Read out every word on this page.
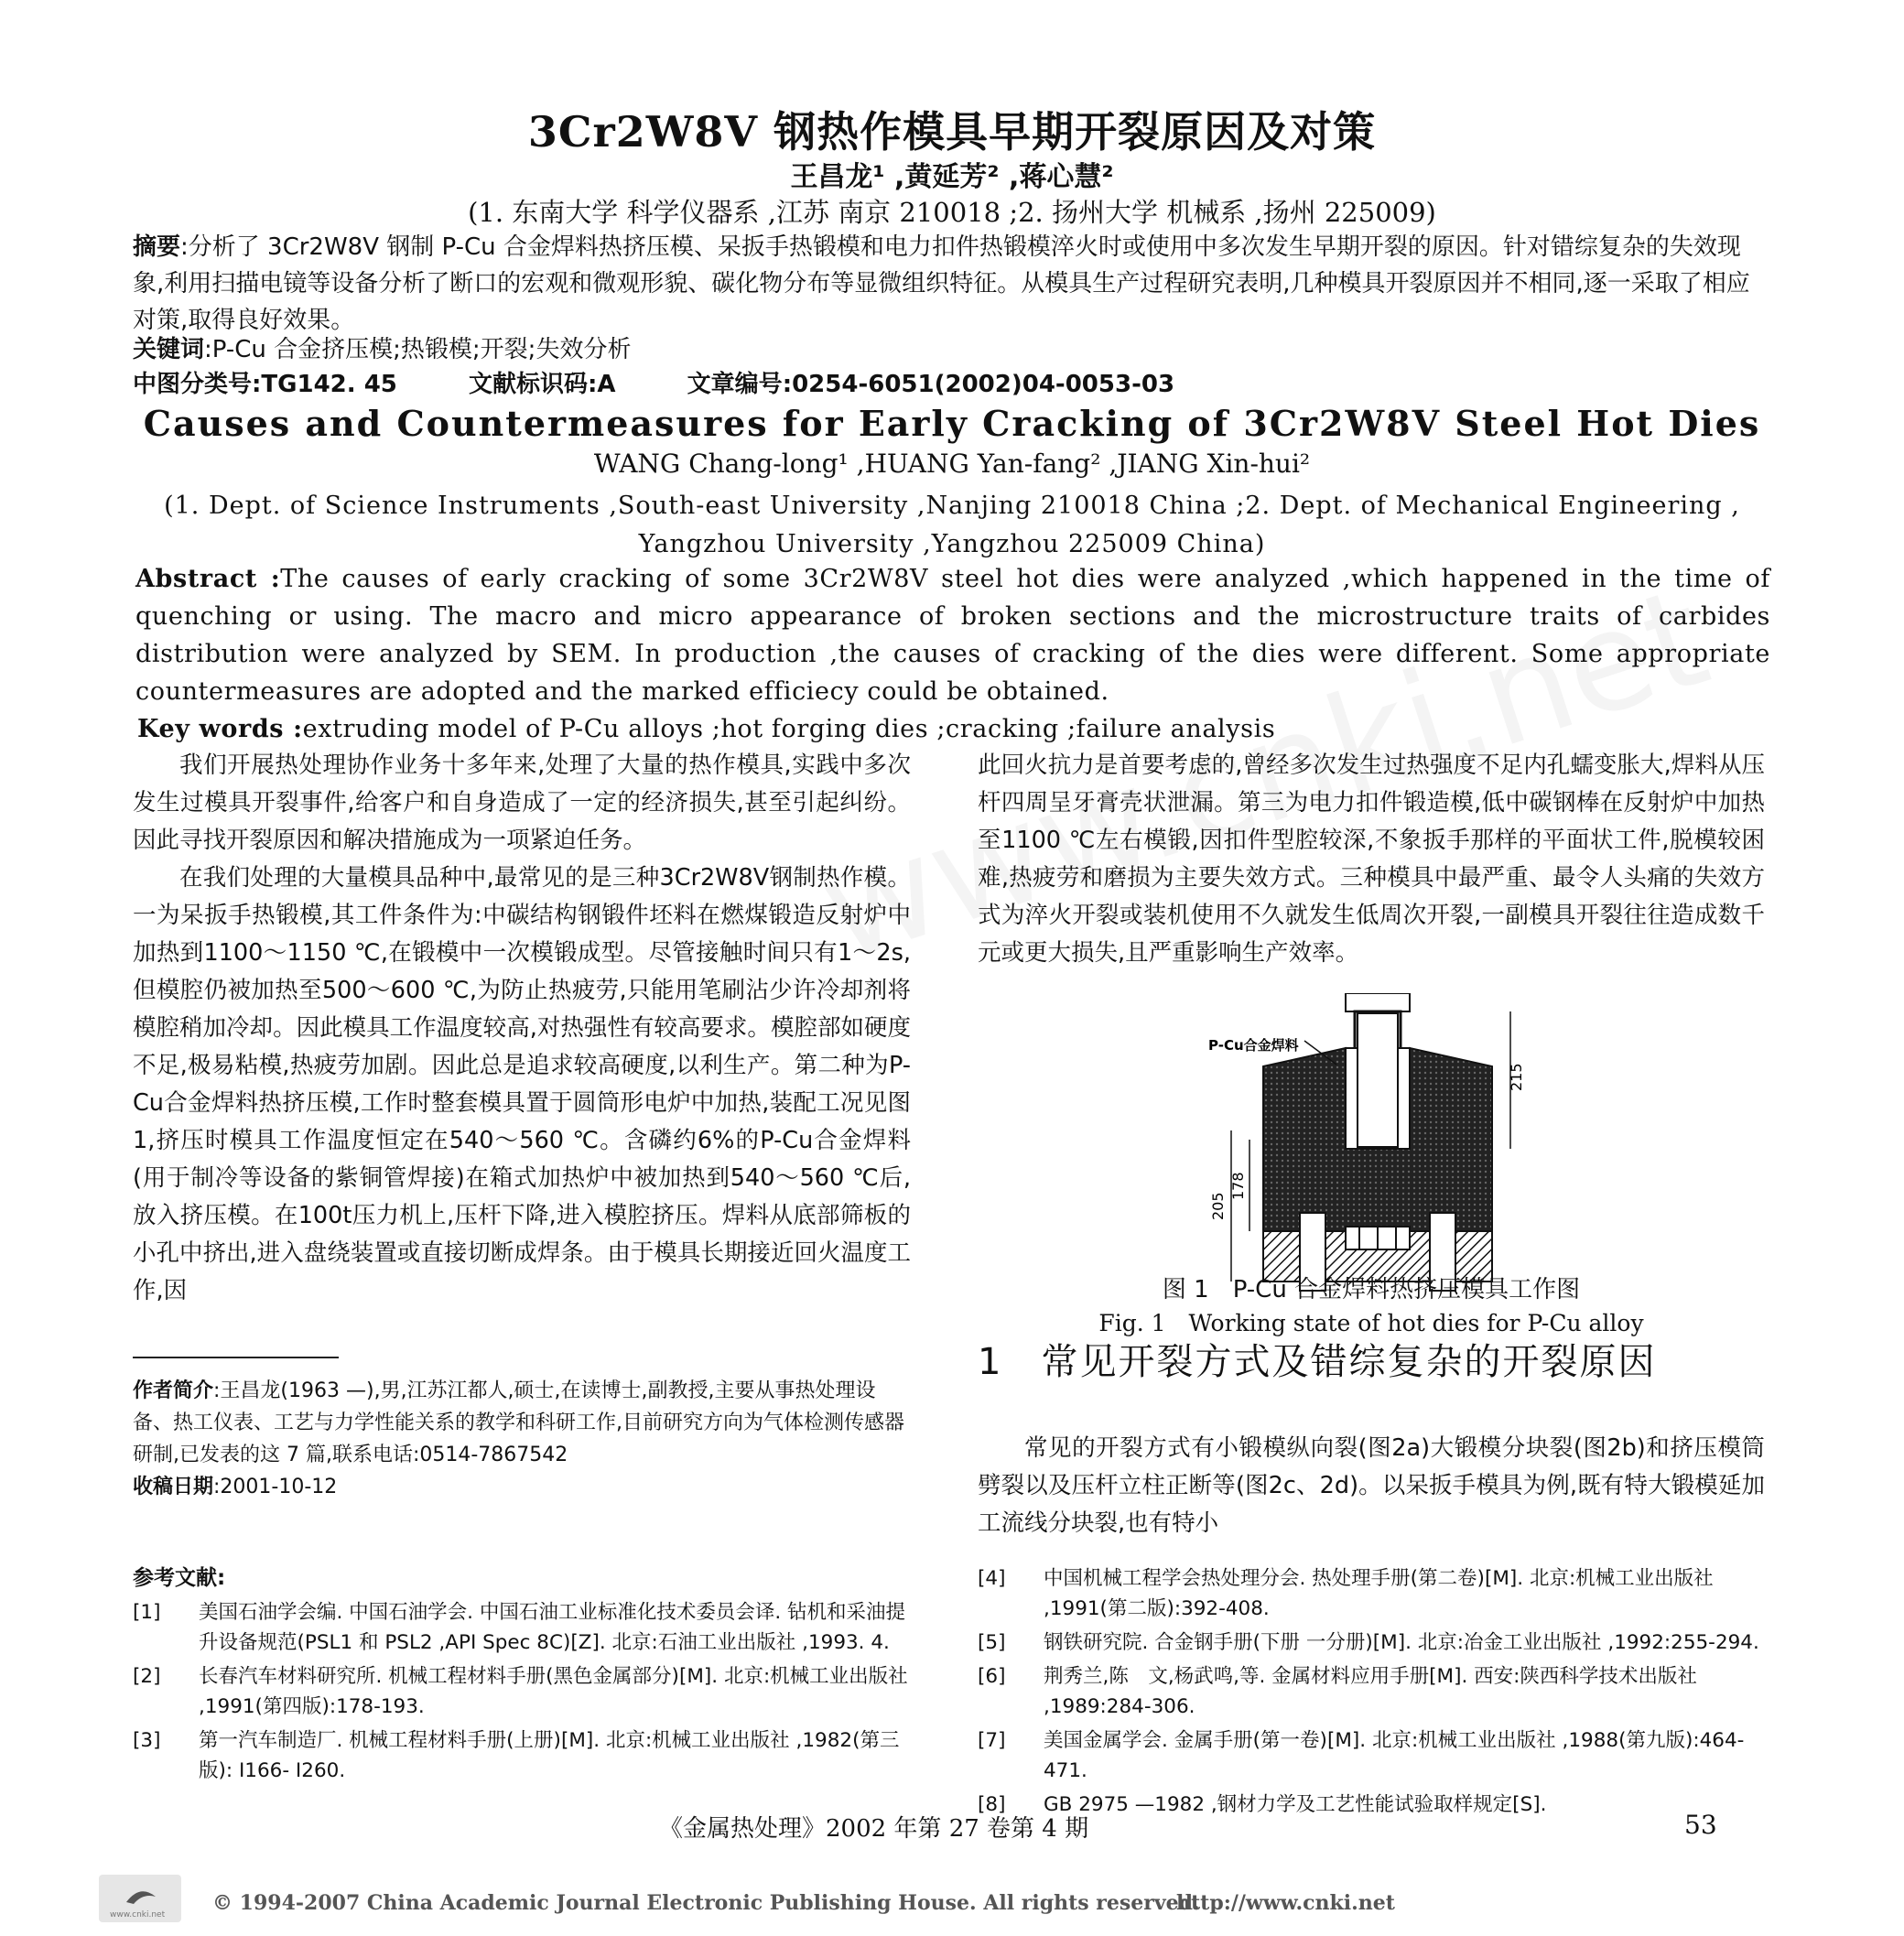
3Cr2W8V 钢热作模具早期开裂原因及对策
王昌龙¹ ,黄延芳² ,蒋心慧²
(1. 东南大学 科学仪器系 ,江苏 南京 210018 ;2. 扬州大学 机械系 ,扬州 225009)
摘要:分析了 3Cr2W8V 钢制 P-Cu 合金焊料热挤压模、呆扳手热锻模和电力扣件热锻模淬火时或使用中多次发生早期开裂的原因。针对错综复杂的失效现象,利用扫描电镜等设备分析了断口的宏观和微观形貌、碳化物分布等显微组织特征。从模具生产过程研究表明,几种模具开裂原因并不相同,逐一采取了相应对策,取得良好效果。
关键词:P-Cu 合金挤压模;热锻模;开裂;失效分析
中图分类号:TG142. 45	文献标识码:A	文章编号:0254-6051(2002)04-0053-03
Causes and Countermeasures for Early Cracking of 3Cr2W8V Steel Hot Dies
WANG Chang-long¹ ,HUANG Yan-fang² ,JIANG Xin-hui²
(1. Dept. of Science Instruments ,South-east University ,Nanjing 210018 China ;2. Dept. of Mechanical Engineering ,
Yangzhou University ,Yangzhou 225009 China)
Abstract :The causes of early cracking of some 3Cr2W8V steel hot dies were analyzed ,which happened in the time of quenching or using. The macro and micro appearance of broken sections and the microstructure traits of carbides distribution were analyzed by SEM. In production ,the causes of cracking of the dies were different. Some appropriate countermeasures are adopted and the marked efficiecy could be obtained.
Key words :extruding model of P-Cu alloys ;hot forging dies ;cracking ;failure analysis

我们开展热处理协作业务十多年来,处理了大量的热作模具,实践中多次发生过模具开裂事件,给客户和自身造成了一定的经济损失,甚至引起纠纷。因此寻找开裂原因和解决措施成为一项紧迫任务。

在我们处理的大量模具品种中,最常见的是三种3Cr2W8V钢制热作模。一为呆扳手热锻模,其工件条件为:中碳结构钢锻件坯料在燃煤锻造反射炉中加热到1100～1150 ℃,在锻模中一次模锻成型。尽管接触时间只有1～2s,但模腔仍被加热至500～600 ℃,为防止热疲劳,只能用笔刷沾少许冷却剂将模腔稍加冷却。因此模具工作温度较高,对热强性有较高要求。模腔部如硬度不足,极易粘模,热疲劳加剧。因此总是追求较高硬度,以利生产。第二种为P-Cu合金焊料热挤压模,工作时整套模具置于圆筒形电炉中加热,装配工况见图1,挤压时模具工作温度恒定在540～560 ℃。含磷约6%的P-Cu合金焊料(用于制冷等设备的紫铜管焊接)在箱式加热炉中被加热到540～560 ℃后,放入挤压模。在100t压力机上,压杆下降,进入模腔挤压。焊料从底部筛板的小孔中挤出,进入盘绕装置或直接切断成焊条。由于模具长期接近回火温度工作,因

作者简介:王昌龙(1963 —),男,江苏江都人,硕士,在读博士,副教授,主要从事热处理设备、热工仪表、工艺与力学性能关系的教学和科研工作,目前研究方向为气体检测传感器研制,已发表的这 7 篇,联系电话:0514-7867542
收稿日期:2001-10-12

此回火抗力是首要考虑的,曾经多次发生过热强度不足内孔蠕变胀大,焊料从压杆四周呈牙膏壳状泄漏。第三为电力扣件锻造模,低中碳钢棒在反射炉中加热至1100 ℃左右模锻,因扣件型腔较深,不象扳手那样的平面状工件,脱模较困难,热疲劳和磨损为主要失效方式。三种模具中最严重、最令人头痛的失效方式为淬火开裂或装机使用不久就发生低周次开裂,一副模具开裂往往造成数千元或更大损失,且严重影响生产效率。

P-Cu合金焊料
215
205
178
图 1　P-Cu 合金焊料热挤压模具工作图
Fig. 1　Working state of hot dies for P-Cu alloy
1　常见开裂方式及错综复杂的开裂原因

常见的开裂方式有小锻模纵向裂(图2a)大锻模分块裂(图2b)和挤压模筒劈裂以及压杆立柱正断等(图2c、2d)。以呆扳手模具为例,既有特大锻模延加工流线分块裂,也有特小

参考文献:
[1]	美国石油学会编. 中国石油学会. 中国石油工业标准化技术委员会译. 钻机和采油提升设备规范(PSL1 和 PSL2 ,API Spec 8C)[Z]. 北京:石油工业出版社 ,1993. 4.
[2]	长春汽车材料研究所. 机械工程材料手册(黑色金属部分)[M]. 北京:机械工业出版社 ,1991(第四版):178-193.
[3]	第一汽车制造厂. 机械工程材料手册(上册)[M]. 北京:机械工业出版社 ,1982(第三版): Ⅰ166- Ⅰ260.
[4]	中国机械工程学会热处理分会. 热处理手册(第二卷)[M]. 北京:机械工业出版社 ,1991(第二版):392-408.
[5]	钢铁研究院. 合金钢手册(下册 一分册)[M]. 北京:冶金工业出版社 ,1992:255-294.
[6]	荆秀兰,陈　文,杨武鸣,等. 金属材料应用手册[M]. 西安:陕西科学技术出版社 ,1989:284-306.
[7]	美国金属学会. 金属手册(第一卷)[M]. 北京:机械工业出版社 ,1988(第九版):464-471.
[8]	GB 2975 —1982 ,钢材力学及工艺性能试验取样规定[S].
《金属热处理》2002 年第 27 卷第 4 期	53
www.cnki.net © 1994-2007 China Academic Journal Electronic Publishing House. All rights reserved.
http://www.cnki.net
